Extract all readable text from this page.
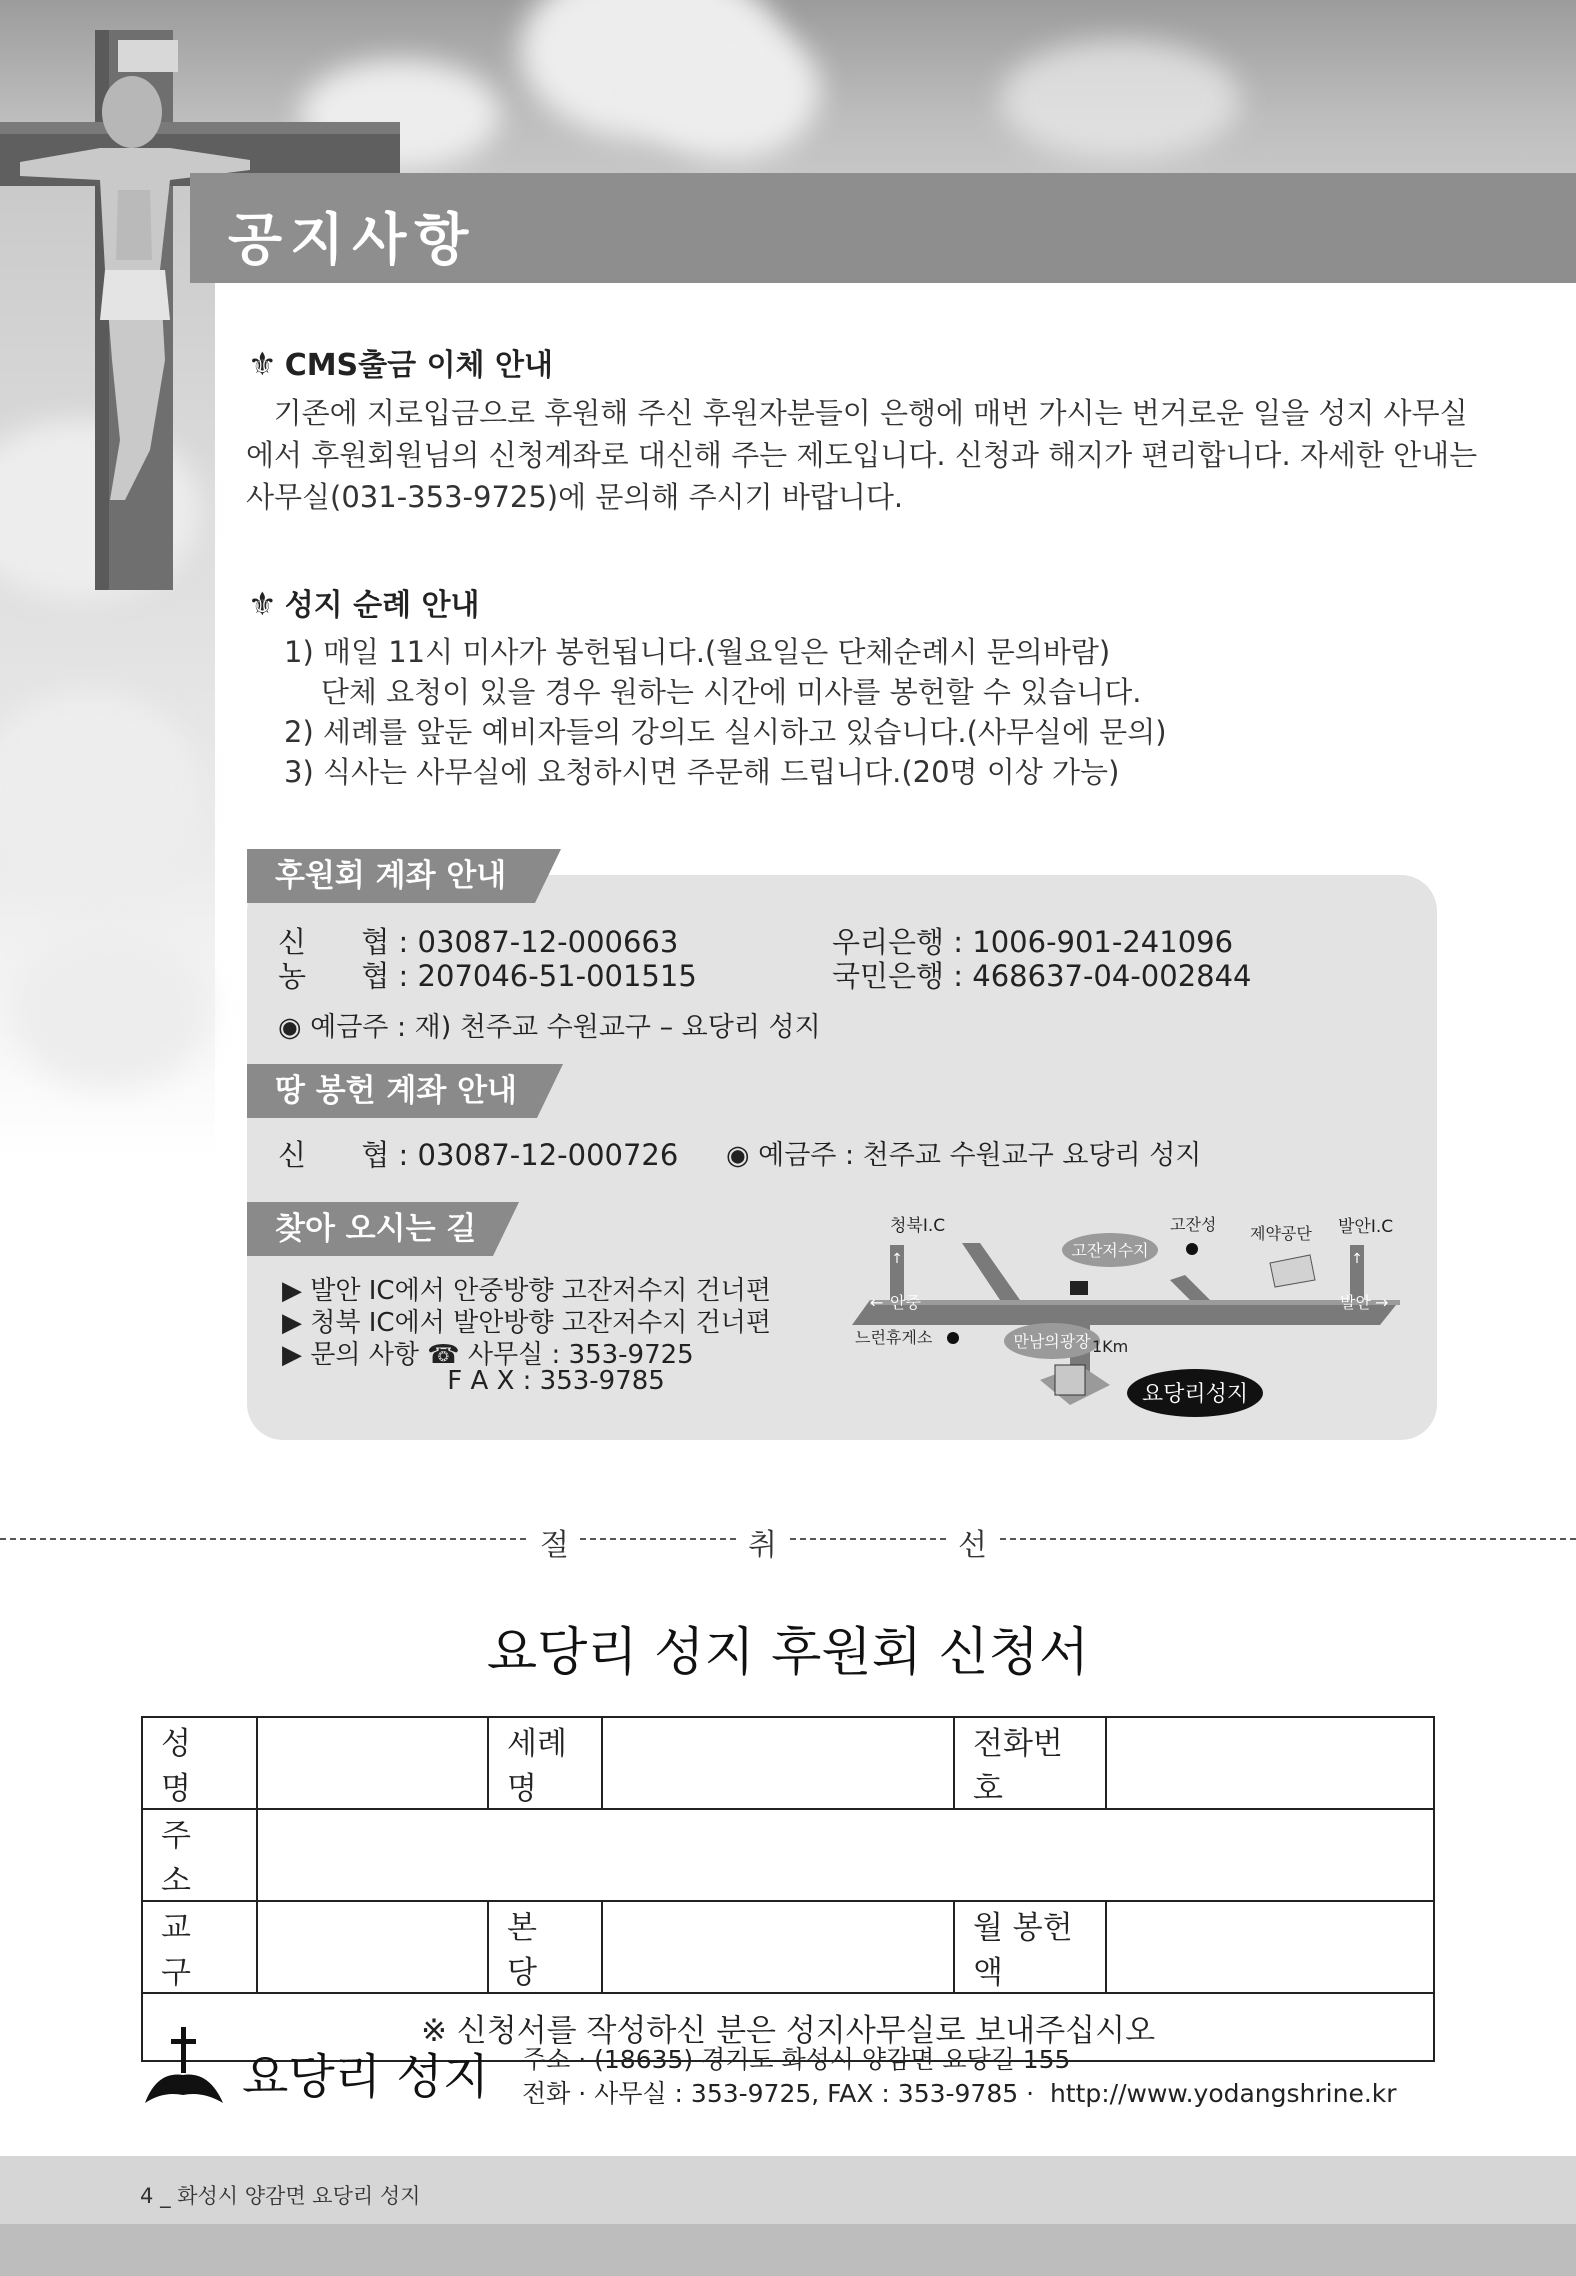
공지사항
⚜ CMS출금 이체 안내
기존에 지로입금으로 후원해 주신 후원자분들이 은행에 매번 가시는 번거로운 일을 성지 사무실
에서 후원회원님의 신청계좌로 대신해 주는 제도입니다. 신청과 해지가 편리합니다. 자세한 안내는
사무실(031-353-9725)에 문의해 주시기 바랍니다.
⚜ 성지 순례 안내
1) 매일 11시 미사가 봉헌됩니다.(월요일은 단체순례시 문의바람)
단체 요청이 있을 경우 원하는 시간에 미사를 봉헌할 수 있습니다.
2) 세례를 앞둔 예비자들의 강의도 실시하고 있습니다.(사무실에 문의)
3) 식사는 사무실에 요청하시면 주문해 드립니다.(20명 이상 가능)
후원회 계좌 안내
신      협 : 03087-12-000663	우리은행 : 1006-901-241096
농      협 : 207046-51-001515	국민은행 : 468637-04-002844
◉ 예금주 : 재) 천주교 수원교구 – 요당리 성지
땅 봉헌 계좌 안내
신      협 : 03087-12-000726 ◉ 예금주 : 천주교 수원교구 요당리 성지
찾아 오시는 길
▶ 발안 IC에서 안중방향 고잔저수지 건너편
▶ 청북 IC에서 발안방향 고잔저수지 건너편
▶ 문의 사항 ☎ 사무실 : 353-9725
F A X : 353-9785
↑	↑
청북I.C
고잔저수지
고잔성 제약공단 발안I.C
← 안중	발안 →
느런휴게소	만남의광장 1Km
요당리성지
절	취	선
요당리 성지 후원회 신청서
성 명		세례명		전화번호	
주 소					
교 구		본 당		월 봉헌액	
※ 신청서를 작성하신 분은 성지사무실로 보내주십시오					
요당리 성지 주소 · (18635) 경기도 화성시 양감면 요당길 155
전화 · 사무실 : 353-9725, FAX : 353-9785 ·  http://www.yodangshrine.kr
4 _ 화성시 양감면 요당리 성지
